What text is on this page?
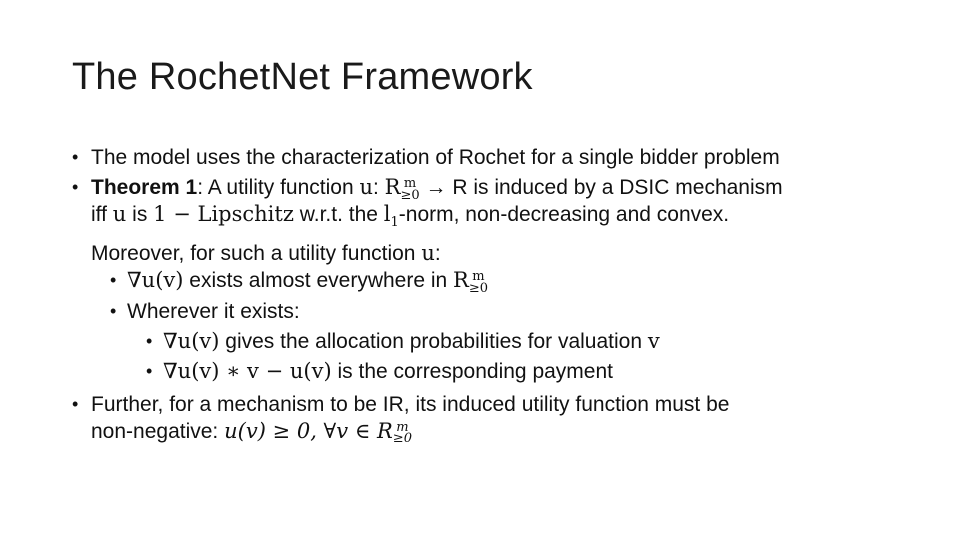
The RochetNet Framework
• The model uses the characterization of Rochet for a single bidder problem
• Theorem 1: A utility function u: R m
≥0 → R is induced by a DSIC mechanism
iff u is 1 − Lipschitz w.r.t. the $l_1$-norm, non-decreasing and convex.
Moreover, for such a utility function u:
• ∇u(v) exists almost everywhere in R m
≥0
• Wherever it exists:
• ∇u(v) gives the allocation probabilities for valuation v
• ∇u(v) ∗ v − u(v) is the corresponding payment
• Further, for a mechanism to be IR, its induced utility function must be
non-negative: u(v) ≥ 0, ∀v ∈ R m
≥0
